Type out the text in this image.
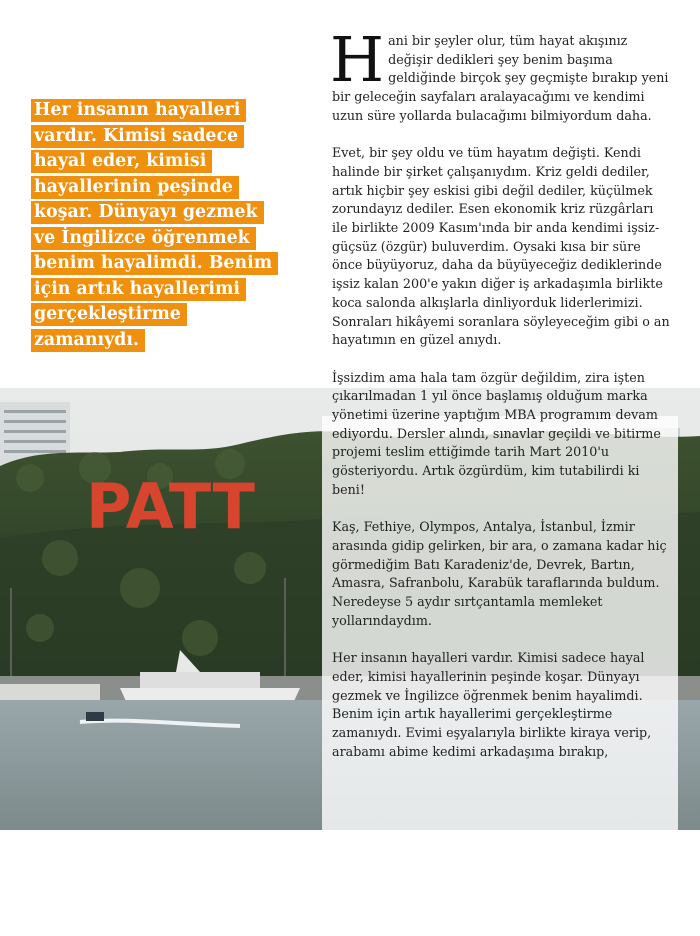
PATT

Her insanın hayalleri
vardır. Kimisi sadece
hayal eder, kimisi
hayallerinin peşinde
koşar. Dünyayı gezmek
ve İngilizce öğrenmek
benim hayalimdi. Benim
için artık hayallerimi
gerçekleştirme
zamanıydı.

Hani bir şeyler olur, tüm hayat akışınız değişir dedikleri şey benim başıma geldiğinde birçok şey geçmişte bırakıp yeni bir geleceğin sayfaları aralayacağımı ve kendimi uzun süre yollarda bulacağımı bilmiyordum daha.

Evet, bir şey oldu ve tüm hayatım değişti. Kendi halinde bir şirket çalışanıydım. Kriz geldi dediler, artık hiçbir şey eskisi gibi değil dediler, küçülmek zorundayız dediler. Esen ekonomik kriz rüzgârları ile birlikte 2009 Kasım'ında bir anda kendimi işsiz-güçsüz (özgür) buluverdim. Oysaki kısa bir süre önce büyüyoruz, daha da büyüyeceğiz dediklerinde işsiz kalan 200'e yakın diğer iş arkadaşımla birlikte koca salonda alkışlarla dinliyorduk liderlerimizi. Sonraları hikâyemi soranlara söyleyeceğim gibi o an hayatımın en güzel anıydı.

İşsizdim ama hala tam özgür değildim, zira işten çıkarılmadan 1 yıl önce başlamış olduğum marka yönetimi üzerine yaptığım MBA programım devam ediyordu. Dersler alındı, sınavlar geçildi ve bitirme projemi teslim ettiğimde tarih Mart 2010'u gösteriyordu. Artık özgürdüm, kim tutabilirdi ki beni!

Kaş, Fethiye, Olympos, Antalya, İstanbul, İzmir arasında gidip gelirken, bir ara, o zamana kadar hiç görmediğim Batı Karadeniz'de, Devrek, Bartın, Amasra, Safranbolu, Karabük taraflarında buldum. Neredeyse 5 aydır sırtçantamla memleket yollarındaydım.

Her insanın hayalleri vardır. Kimisi sadece hayal eder, kimisi hayallerinin peşinde koşar. Dünyayı gezmek ve İngilizce öğrenmek benim hayalimdi. Benim için artık hayallerimi gerçekleştirme zamanıydı. Evimi eşyalarıyla birlikte kiraya verip, arabamı abime kedimi arkadaşıma bırakıp,
